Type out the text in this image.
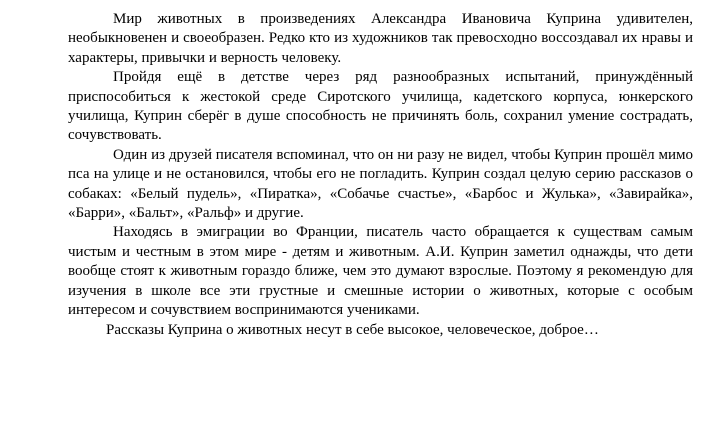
Мир животных в произведениях Александра Ивановича Куприна удивителен, необыкновенен и своеобразен. Редко кто из художников так превосходно воссоздавал их нравы и характеры, привычки и верность человеку.

Пройдя ещё в детстве через ряд разнообразных испытаний, принуждённый приспособиться к жестокой среде Сиротского училища, кадетского корпуса, юнкерского училища, Куприн сберёг в душе способность не причинять боль, сохранил умение сострадать, сочувствовать.

Один из друзей писателя вспоминал, что он ни разу не видел, чтобы Куприн прошёл мимо пса на улице и не остановился, чтобы его не погладить. Куприн создал целую серию рассказов о собаках: «Белый пудель», «Пиратка», «Собачье счастье», «Барбос и Жулька», «Завирайка», «Барри», «Бальт», «Ральф» и другие.

Находясь в эмиграции во Франции, писатель часто обращается к существам самым чистым и честным в этом мире - детям и животным. А.И. Куприн заметил однажды, что дети вообще стоят к животным гораздо ближе, чем это думают взрослые. Поэтому я рекомендую для изучения в школе все эти грустные и смешные истории о животных, которые с особым интересом и сочувствием воспринимаются учениками.

Рассказы Куприна о животных несут в себе высокое, человеческое, доброе…
